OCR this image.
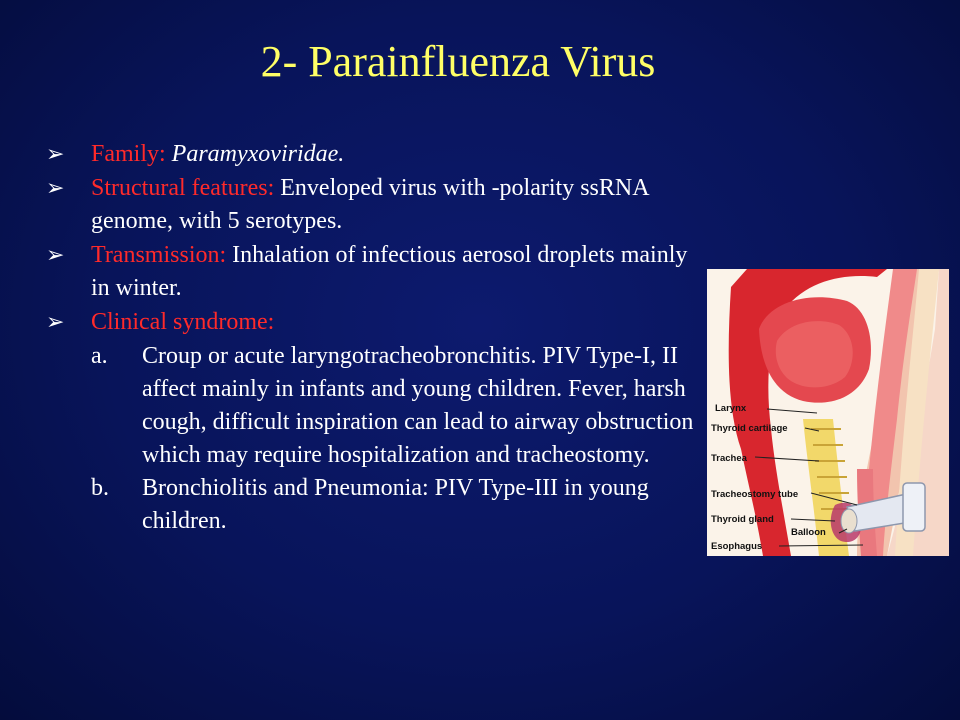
2- Parainfluenza Virus
➢	Family: Paramyxoviridae.
➢	Structural features: Enveloped virus with -polarity ssRNA genome, with 5 serotypes.
➢	Transmission: Inhalation of infectious aerosol droplets mainly in winter.
➢	Clinical syndrome:
a. Croup or acute laryngotracheobronchitis. PIV Type-I, II affect mainly in infants and young children. Fever, harsh cough, difficult inspiration can lead to airway obstruction which may require hospitalization and tracheostomy.
b. Bronchiolitis and Pneumonia: PIV Type-III in young children.
Larynx
Thyroid cartilage
Trachea
Tracheostomy tube
Thyroid gland
Balloon
Esophagus
